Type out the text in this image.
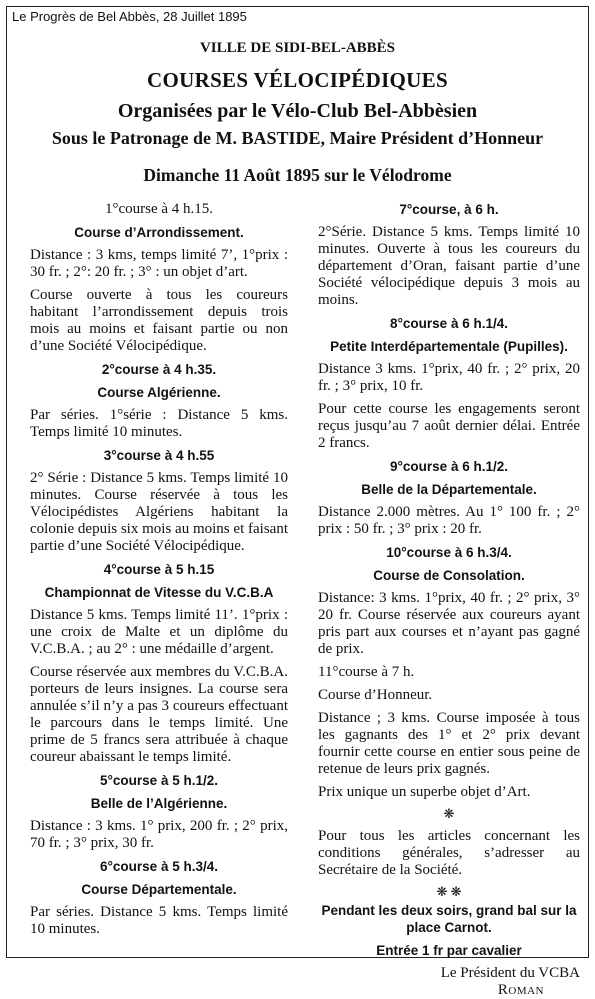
Le Progrès de Bel Abbès, 28 Juillet 1895
VILLE DE SIDI-BEL-ABBÈS
COURSES VÉLOCIPÉDIQUES
Organisées par le Vélo-Club Bel-Abbèsien
Sous le Patronage de M. BASTIDE, Maire Président d’Honneur
Dimanche 11 Août 1895 sur le Vélodrome

1°course à 4 h.15.

Course d’Arrondissement.

Distance : 3 kms, temps limité 7’, 1°prix : 30 fr. ; 2°: 20 fr. ; 3° : un objet d’art.

Course ouverte à tous les coureurs habitant l’arrondissement depuis trois mois au moins et faisant partie ou non d’une Société Vélocipédique.

2°course à 4 h.35.

Course Algérienne.

Par séries. 1°série : Distance 5 kms. Temps limité 10 minutes.

3°course à 4 h.55

2° Série : Distance 5 kms. Temps limité 10 minutes. Course réservée à tous les Vélocipédistes Algériens habitant la colonie depuis six mois au moins et faisant partie d’une Société Vélocipédique.

4°course à 5 h.15

Championnat de Vitesse du V.C.B.A

Distance 5 kms. Temps limité 11’. 1°prix : une croix de Malte et un diplôme du V.C.B.A. ; au 2° : une médaille d’argent.

Course réservée aux membres du V.C.B.A. porteurs de leurs insignes. La course sera annulée s’il n’y a pas 3 coureurs effectuant le parcours dans le temps limité. Une prime de 5 francs sera attribuée à chaque coureur abaissant le temps limité.

5°course à 5 h.1/2.

Belle de l’Algérienne.

Distance : 3 kms. 1° prix, 200 fr. ; 2° prix, 70 fr. ; 3° prix, 30 fr.

6°course à 5 h.3/4.

Course Départementale.

Par séries. Distance 5 kms. Temps limité 10 minutes.

7°course, à 6 h.

2°Série. Distance 5 kms. Temps limité 10 minutes. Ouverte à tous les coureurs du département d’Oran, faisant partie d’une Société vélocipédique depuis 3 mois au moins.

8°course à 6 h.1/4.

Petite Interdépartementale (Pupilles).

Distance 3 kms. 1°prix, 40 fr. ; 2° prix, 20 fr. ; 3° prix, 10 fr.

Pour cette course les engagements seront reçus jusqu’au 7 août dernier délai. Entrée 2 francs.

9°course à 6 h.1/2.

Belle de la Départementale.

Distance 2.000 mètres. Au 1° 100 fr. ; 2° prix : 50 fr. ; 3° prix : 20 fr.

10°course à 6 h.3/4.

Course de Consolation.

Distance: 3 kms. 1°prix, 40 fr. ; 2° prix, 3° 20 fr. Course réservée aux coureurs ayant pris part aux courses et n’ayant pas gagné de prix.

11°course à 7 h.

Course d’Honneur.

Distance ; 3 kms. Course imposée à tous les gagnants des 1° et 2° prix devant fournir cette course en entier sous peine de retenue de leurs prix gagnés.

Prix unique un superbe objet d’Art.

❋

Pour tous les articles concernant les conditions générales, s’adresser au Secrétaire de la Société.

❋ ❋

Pendant les deux soirs, grand bal sur la place Carnot.

Entrée 1 fr par cavalier

Le Président du VCBA

Roman
